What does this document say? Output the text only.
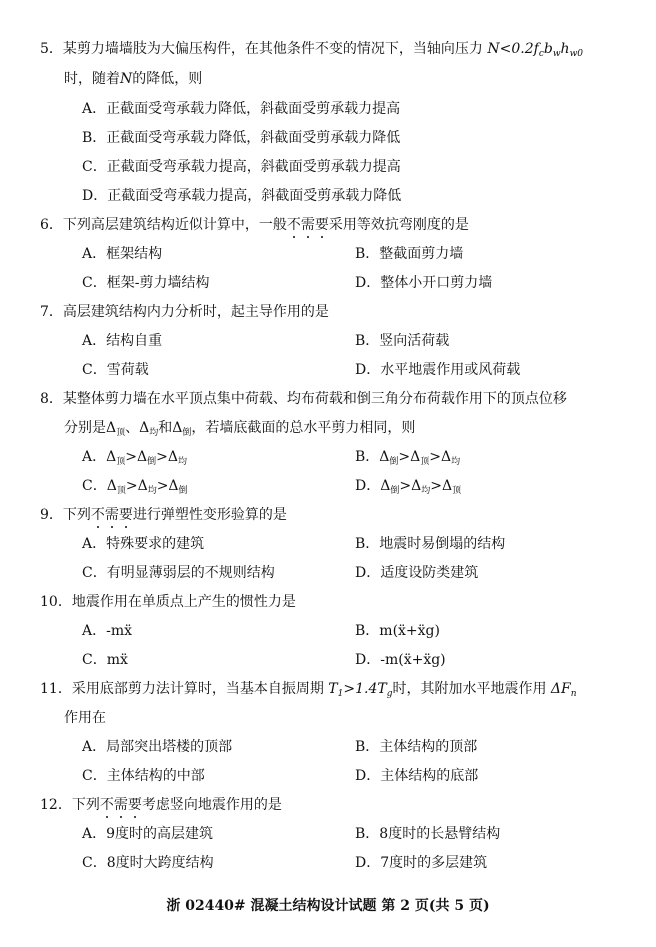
5．某剪力墙墙肢为大偏压构件，在其他条件不变的情况下，当轴向压力 $N<0.2f_cb_wh_{w0}$
时，随着N的降低，则
A．正截面受弯承载力降低，斜截面受剪承载力提高
B．正截面受弯承载力降低，斜截面受剪承载力降低
C．正截面受弯承载力提高，斜截面受剪承载力提高
D．正截面受弯承载力提高，斜截面受剪承载力降低
6．下列高层建筑结构近似计算中，一般不需要采用等效抗弯刚度的是
A．框架结构	B．整截面剪力墙
C．框架-剪力墙结构	D．整体小开口剪力墙
7．高层建筑结构内力分析时，起主导作用的是
A．结构自重	B．竖向活荷载
C．雪荷载	D．水平地震作用或风荷载
8．某整体剪力墙在水平顶点集中荷载、均布荷载和倒三角分布荷载作用下的顶点位移
分别是$\Delta_顶$、$\Delta_均$和$\Delta_倒$，若墙底截面的总水平剪力相同，则
A．$\Delta_顶>\Delta_倒>\Delta_均$	B．$\Delta_倒>\Delta_顶>\Delta_均$
C．$\Delta_顶>\Delta_均>\Delta_倒$	D．$\Delta_倒>\Delta_均>\Delta_顶$
9．下列不需要进行弹塑性变形验算的是
A．特殊要求的建筑	B．地震时易倒塌的结构
C．有明显薄弱层的不规则结构	D．适度设防类建筑
10．地震作用在单质点上产生的惯性力是
A．-mẍ	B．m(ẍ+ẍg)
C．mẍ	D．-m(ẍ+ẍg)
11．采用底部剪力法计算时，当基本自振周期 $T_1>1.4T_g$时，其附加水平地震作用 $\Delta F_n$
作用在
A．局部突出塔楼的顶部	B．主体结构的顶部
C．主体结构的中部	D．主体结构的底部
12．下列不需要考虑竖向地震作用的是
A．9度时的高层建筑	B．8度时的长悬臂结构
C．8度时大跨度结构	D．7度时的多层建筑
浙 02440# 混凝土结构设计试题 第 2 页(共 5 页)
